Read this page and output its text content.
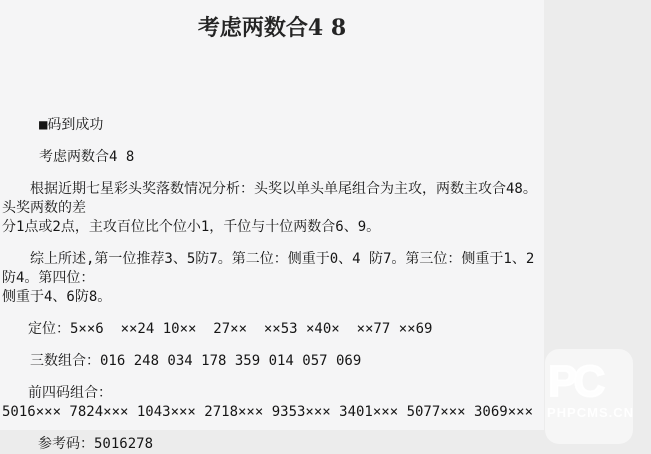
考虑两数合4 8

■码到成功

考虑两数合4 8

根据近期七星彩头奖落数情况分析：头奖以单头单尾组合为主攻，两数主攻合48。头奖两数的差
分1点或2点，主攻百位比个位小1，千位与十位两数合6、9。

综上所述,第一位推荐3、5防7。第二位：侧重于0、4 防7。第三位：侧重于1、2 防4。第四位：
侧重于4、6防8。

定位：5××6  ××24 10××  27××  ××53 ×40×  ××77 ××69

三数组合：016 248 034 178 359 014 057 069

前四码组合：
5016××× 7824××× 1043××× 2718××× 9353××× 3401××× 5077××× 3069×××

参考码：5016278

PC
PHPCMS.CN
